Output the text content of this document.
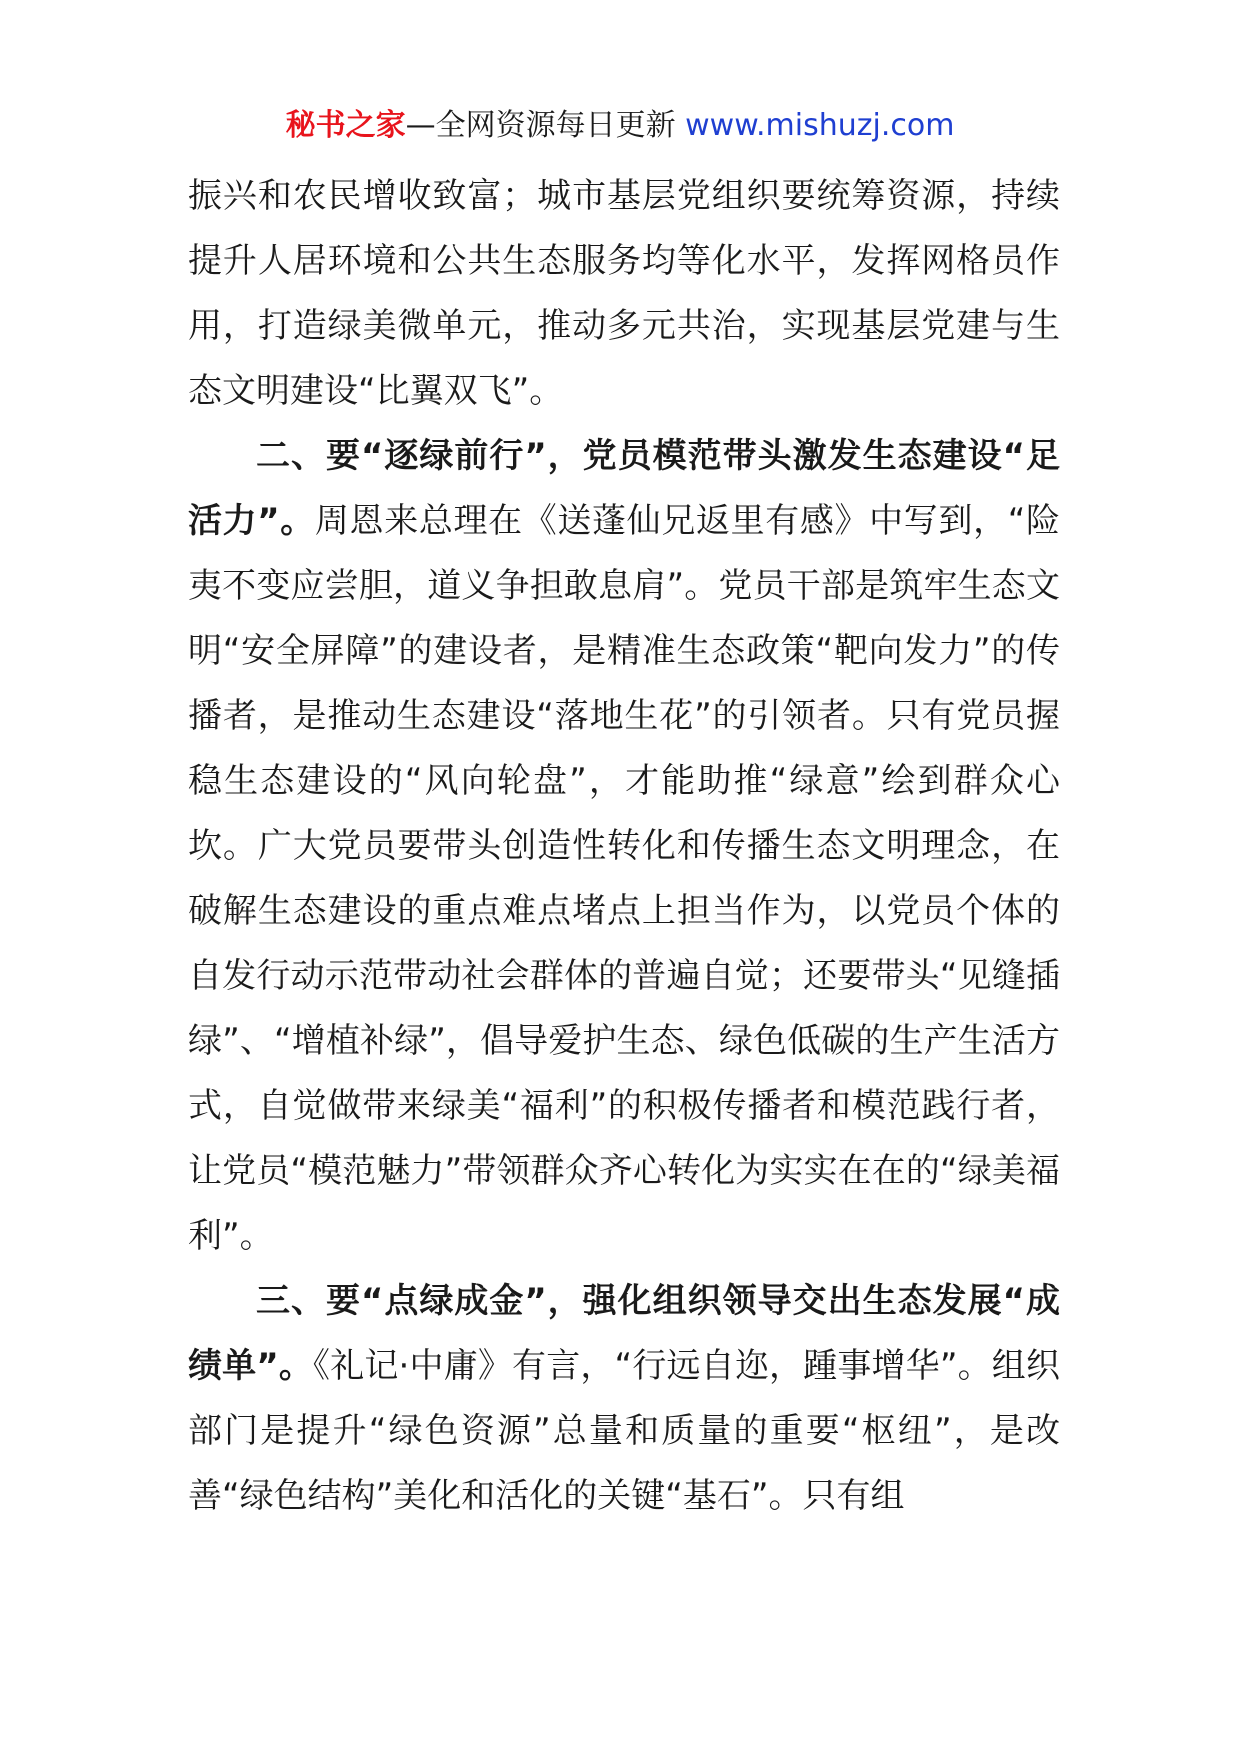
秘书之家—全网资源每日更新 www.mishuzj.com

振兴和农民增收致富；城市基层党组织要统筹资源，持续提升人居环境和公共生态服务均等化水平，发挥网格员作用，打造绿美微单元，推动多元共治，实现基层党建与生态文明建设“比翼双飞”。

二、要“逐绿前行”，党员模范带头激发生态建设“足活力”。周恩来总理在《送蓬仙兄返里有感》中写到，“险夷不变应尝胆，道义争担敢息肩”。党员干部是筑牢生态文明“安全屏障”的建设者，是精准生态政策“靶向发力”的传播者，是推动生态建设“落地生花”的引领者。只有党员握稳生态建设的“风向轮盘”，才能助推“绿意”绘到群众心坎。广大党员要带头创造性转化和传播生态文明理念，在破解生态建设的重点难点堵点上担当作为，以党员个体的自发行动示范带动社会群体的普遍自觉；还要带头“见缝插绿”、“增植补绿”，倡导爱护生态、绿色低碳的生产生活方式，自觉做带来绿美“福利”的积极传播者和模范践行者，让党员“模范魅力”带领群众齐心转化为实实在在的“绿美福利”。

三、要“点绿成金”，强化组织领导交出生态发展“成绩单”。《礼记·中庸》有言，“行远自迩，踵事增华”。组织部门是提升“绿色资源”总量和质量的重要“枢纽”，是改善“绿色结构”美化和活化的关键“基石”。只有组
